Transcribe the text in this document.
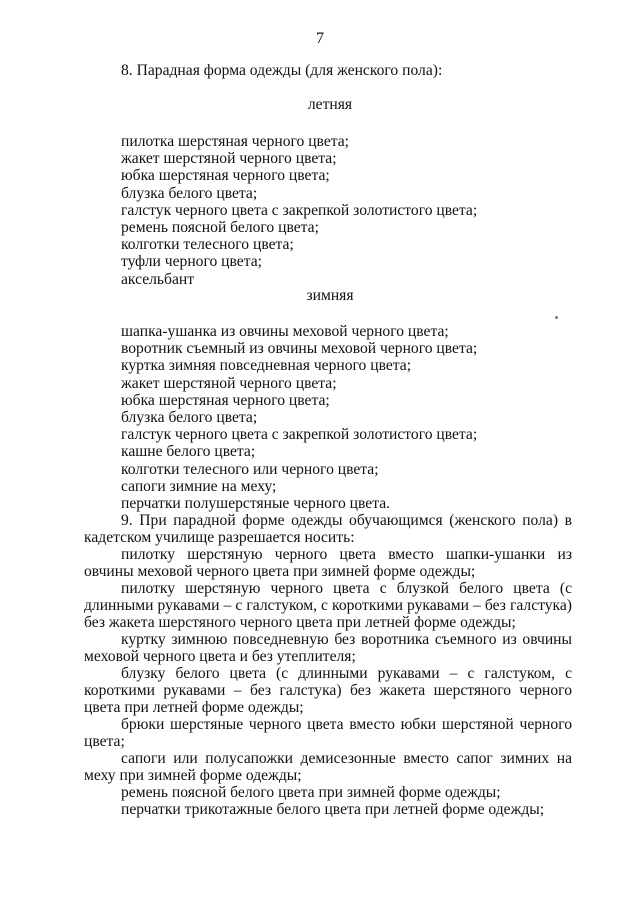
7
8. Парадная форма одежды (для женского пола):
летняя
пилотка шерстяная черного цвета;
жакет шерстяной черного цвета;
юбка шерстяная черного цвета;
блузка белого цвета;
галстук черного цвета с закрепкой золотистого цвета;
ремень поясной белого цвета;
колготки телесного цвета;
туфли черного цвета;
аксельбант
зимняя
шапка-ушанка из овчины меховой черного цвета;
воротник съемный из овчины меховой черного цвета;
куртка зимняя повседневная черного цвета;
жакет шерстяной черного цвета;
юбка шерстяная черного цвета;
блузка белого цвета;
галстук черного цвета с закрепкой золотистого цвета;
кашне белого цвета;
колготки телесного или черного цвета;
сапоги зимние на меху;
перчатки полушерстяные черного цвета.

9. При парадной форме одежды обучающимся (женского пола) в кадетском училище разрешается носить:

пилотку шерстяную черного цвета вместо шапки-ушанки из овчины меховой черного цвета при зимней форме одежды;

пилотку шерстяную черного цвета с блузкой белого цвета (с длинными рукавами – с галстуком, с короткими рукавами – без галстука) без жакета шерстяного черного цвета при летней форме одежды;

куртку зимнюю повседневную без воротника съемного из овчины меховой черного цвета и без утеплителя;

блузку белого цвета (с длинными рукавами – с галстуком, с короткими рукавами – без галстука) без жакета шерстяного черного цвета при летней форме одежды;

брюки шерстяные черного цвета вместо юбки шерстяной черного цвета;

сапоги или полусапожки демисезонные вместо сапог зимних на меху при зимней форме одежды;

ремень поясной белого цвета при зимней форме одежды;

перчатки трикотажные белого цвета при летней форме одежды;
